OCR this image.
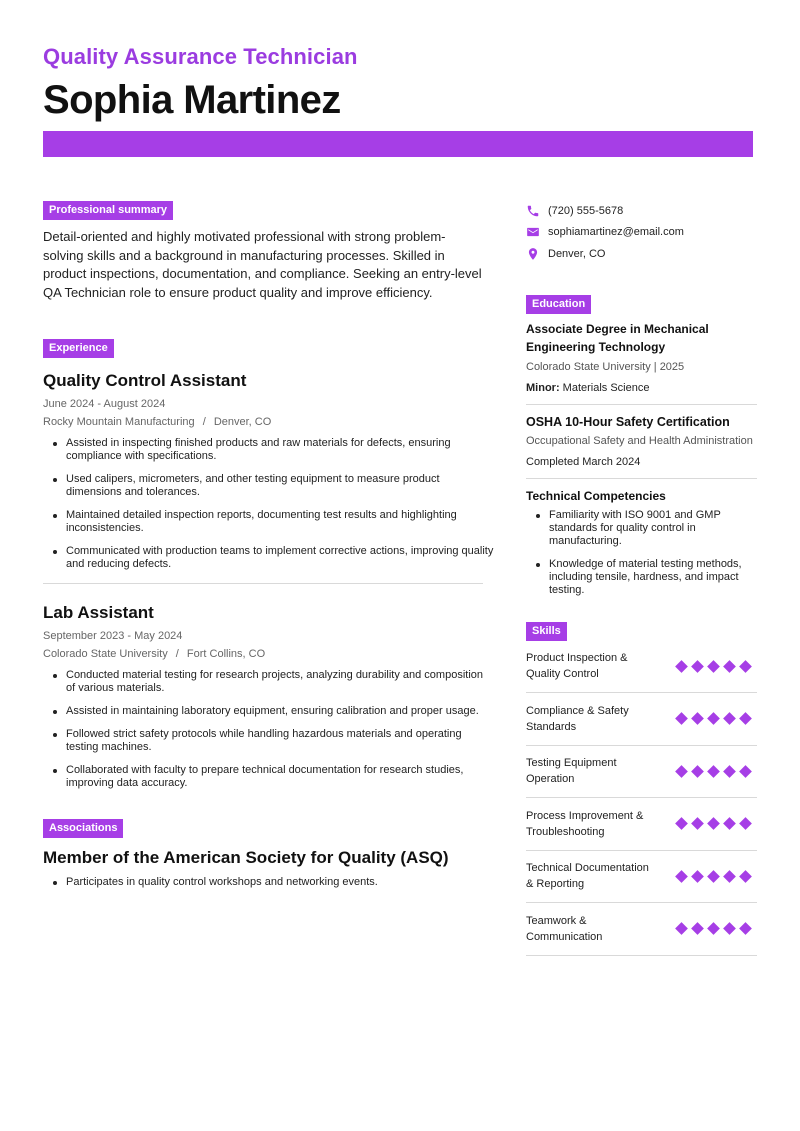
Quality Assurance Technician
Sophia Martinez
Professional summary

Detail-oriented and highly motivated professional with strong problem-solving skills and a background in manufacturing processes. Skilled in product inspections, documentation, and compliance. Seeking an entry-level QA Technician role to ensure product quality and improve efficiency.

Experience
Quality Control Assistant
June 2024 - August 2024
Rocky Mountain Manufacturing / Denver, CO
Assisted in inspecting finished products and raw materials for defects, ensuring compliance with specifications.
Used calipers, micrometers, and other testing equipment to measure product dimensions and tolerances.
Maintained detailed inspection reports, documenting test results and highlighting inconsistencies.
Communicated with production teams to implement corrective actions, improving quality and reducing defects.
Lab Assistant
September 2023 - May 2024
Colorado State University / Fort Collins, CO
Conducted material testing for research projects, analyzing durability and composition of various materials.
Assisted in maintaining laboratory equipment, ensuring calibration and proper usage.
Followed strict safety protocols while handling hazardous materials and operating testing machines.
Collaborated with faculty to prepare technical documentation for research studies, improving data accuracy.
Associations
Member of the American Society for Quality (ASQ)
Participates in quality control workshops and networking events.
(720) 555-5678
sophiamartinez@email.com
Denver, CO
Education
Associate Degree in Mechanical Engineering Technology
Colorado State University | 2025
Minor: Materials Science
OSHA 10-Hour Safety Certification
Occupational Safety and Health Administration
Completed March 2024
Technical Competencies
Familiarity with ISO 9001 and GMP standards for quality control in manufacturing.
Knowledge of material testing methods, including tensile, hardness, and impact testing.
Skills
Product Inspection & Quality Control
Compliance & Safety Standards
Testing Equipment Operation
Process Improvement & Troubleshooting
Technical Documentation & Reporting
Teamwork & Communication
